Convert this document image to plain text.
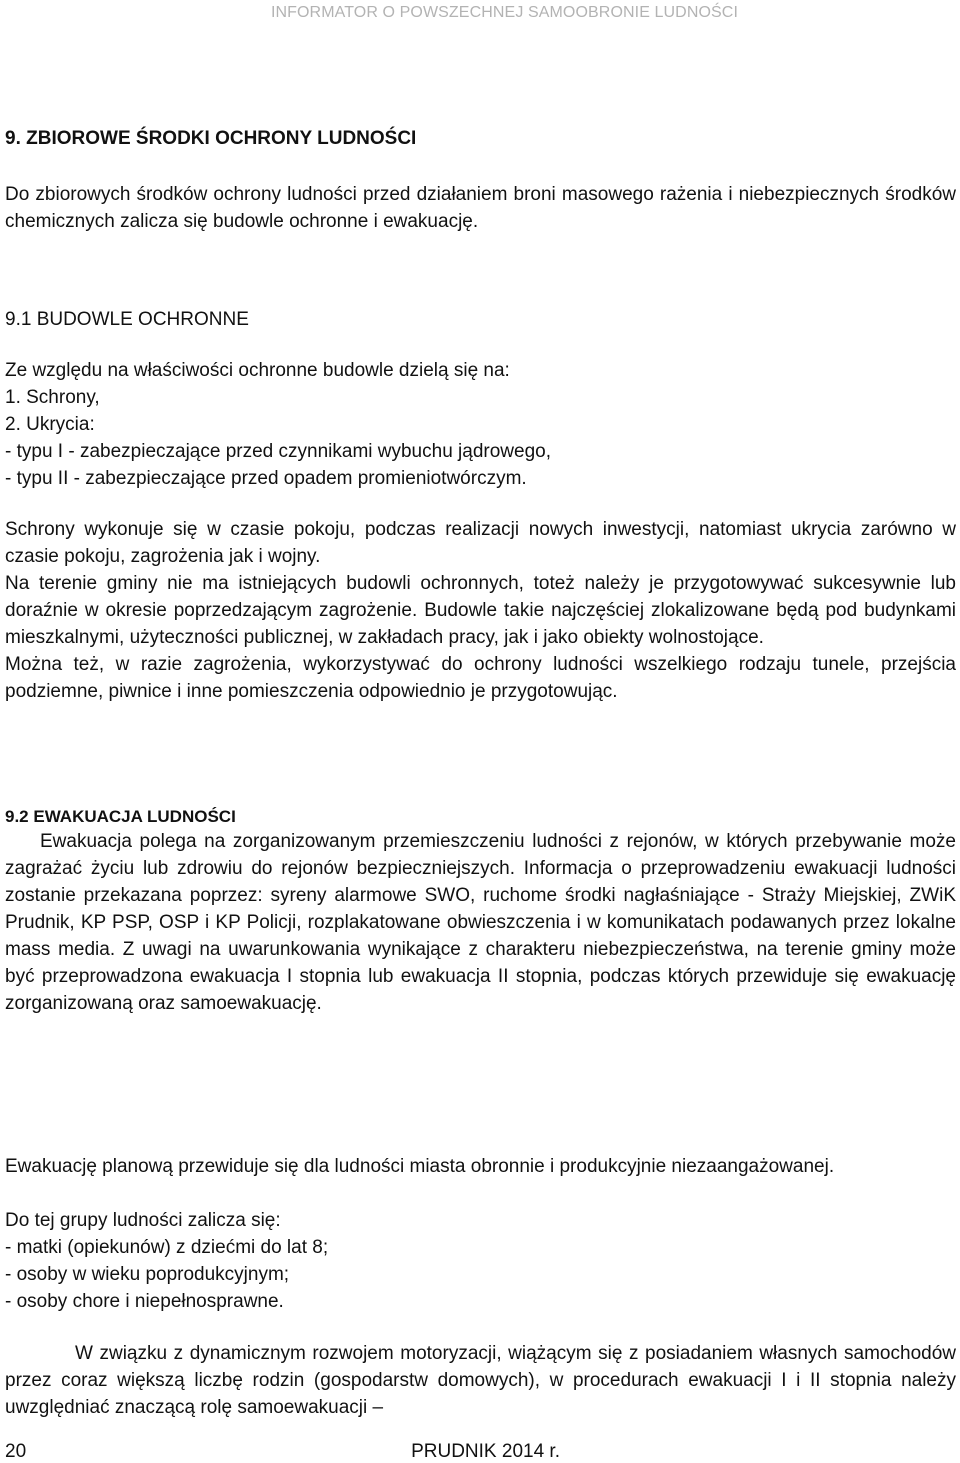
INFORMATOR O POWSZECHNEJ SAMOOBRONIE LUDNOŚCI
9. ZBIOROWE ŚRODKI OCHRONY LUDNOŚCI
Do zbiorowych środków ochrony ludności przed działaniem broni masowego rażenia i niebezpiecznych środków chemicznych zalicza się budowle ochronne i ewakuację.
9.1 BUDOWLE OCHRONNE
Ze względu na właściwości ochronne budowle dzielą się na:
1. Schrony,
2. Ukrycia:
- typu I - zabezpieczające przed czynnikami wybuchu jądrowego,
- typu II - zabezpieczające przed opadem promieniotwórczym.
Schrony wykonuje się w czasie pokoju, podczas realizacji nowych inwestycji, natomiast ukrycia zarówno w czasie pokoju, zagrożenia jak i wojny.
Na terenie gminy nie ma istniejących budowli ochronnych, toteż należy je przygotowywać sukcesywnie lub doraźnie w okresie poprzedzającym zagrożenie. Budowle takie najczęściej zlokalizowane będą pod budynkami mieszkalnymi, użyteczności publicznej, w zakładach pracy, jak i jako obiekty wolnostojące.
Można też, w razie zagrożenia, wykorzystywać do ochrony ludności wszelkiego rodzaju tunele, przejścia podziemne, piwnice i inne pomieszczenia odpowiednio je przygotowując.
9.2 EWAKUACJA LUDNOŚCI
Ewakuacja polega na zorganizowanym przemieszczeniu ludności z rejonów, w których przebywanie może zagrażać życiu lub zdrowiu do rejonów bezpieczniejszych. Informacja o przeprowadzeniu ewakuacji ludności zostanie przekazana poprzez: syreny alarmowe SWO, ruchome środki nagłaśniające - Straży Miejskiej, ZWiK Prudnik, KP PSP, OSP i KP Policji, rozplakatowane obwieszczenia i w komunikatach podawanych przez lokalne mass media. Z uwagi na uwarunkowania wynikające z charakteru niebezpieczeństwa, na terenie gminy może być przeprowadzona ewakuacja I stopnia lub ewakuacja II stopnia, podczas których przewiduje się ewakuację zorganizowaną oraz samoewakuację.
Ewakuację planową przewiduje się dla ludności miasta obronnie i produkcyjnie niezaangażowanej.
Do tej grupy ludności zalicza się:
- matki (opiekunów) z dziećmi do lat 8;
- osoby w wieku poprodukcyjnym;
- osoby chore i niepełnosprawne.
W związku z dynamicznym rozwojem motoryzacji, wiążącym się z posiadaniem własnych samochodów przez coraz większą liczbę rodzin (gospodarstw domowych), w procedurach ewakuacji I i II stopnia należy uwzględniać znaczącą rolę samoewakuacji –
20	PRUDNIK 2014 r.
